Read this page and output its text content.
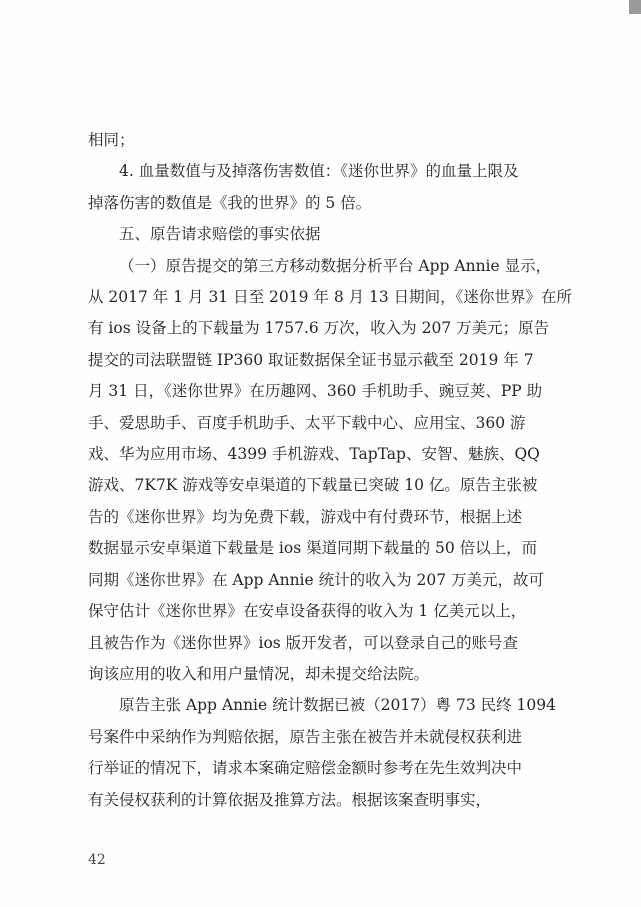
相同；
4. 血量数值与及掉落伤害数值：《迷你世界》的血量上限及
掉落伤害的数值是《我的世界》的 5 倍。
五、原告请求赔偿的事实依据
（一）原告提交的第三方移动数据分析平台 App Annie 显示，
从 2017 年 1 月 31 日至 2019 年 8 月 13 日期间，《迷你世界》在所
有 ios 设备上的下载量为 1757.6 万次，收入为 207 万美元；原告
提交的司法联盟链 IP360 取证数据保全证书显示截至 2019 年 7
月 31 日，《迷你世界》在历趣网、360 手机助手、豌豆荚、PP 助
手、爱思助手、百度手机助手、太平下载中心、应用宝、360 游
戏、华为应用市场、4399 手机游戏、TapTap、安智、魅族、QQ
游戏、7K7K 游戏等安卓渠道的下载量已突破 10 亿。原告主张被
告的《迷你世界》均为免费下载，游戏中有付费环节，根据上述
数据显示安卓渠道下载量是 ios 渠道同期下载量的 50 倍以上，而
同期《迷你世界》在 App Annie 统计的收入为 207 万美元，故可
保守估计《迷你世界》在安卓设备获得的收入为 1 亿美元以上，
且被告作为《迷你世界》ios 版开发者，可以登录自己的账号查
询该应用的收入和用户量情况，却未提交给法院。
原告主张 App Annie 统计数据已被（2017）粤 73 民终 1094
号案件中采纳作为判赔依据，原告主张在被告并未就侵权获利进
行举证的情况下，请求本案确定赔偿金额时参考在先生效判决中
有关侵权获利的计算依据及推算方法。根据该案查明事实，
42
